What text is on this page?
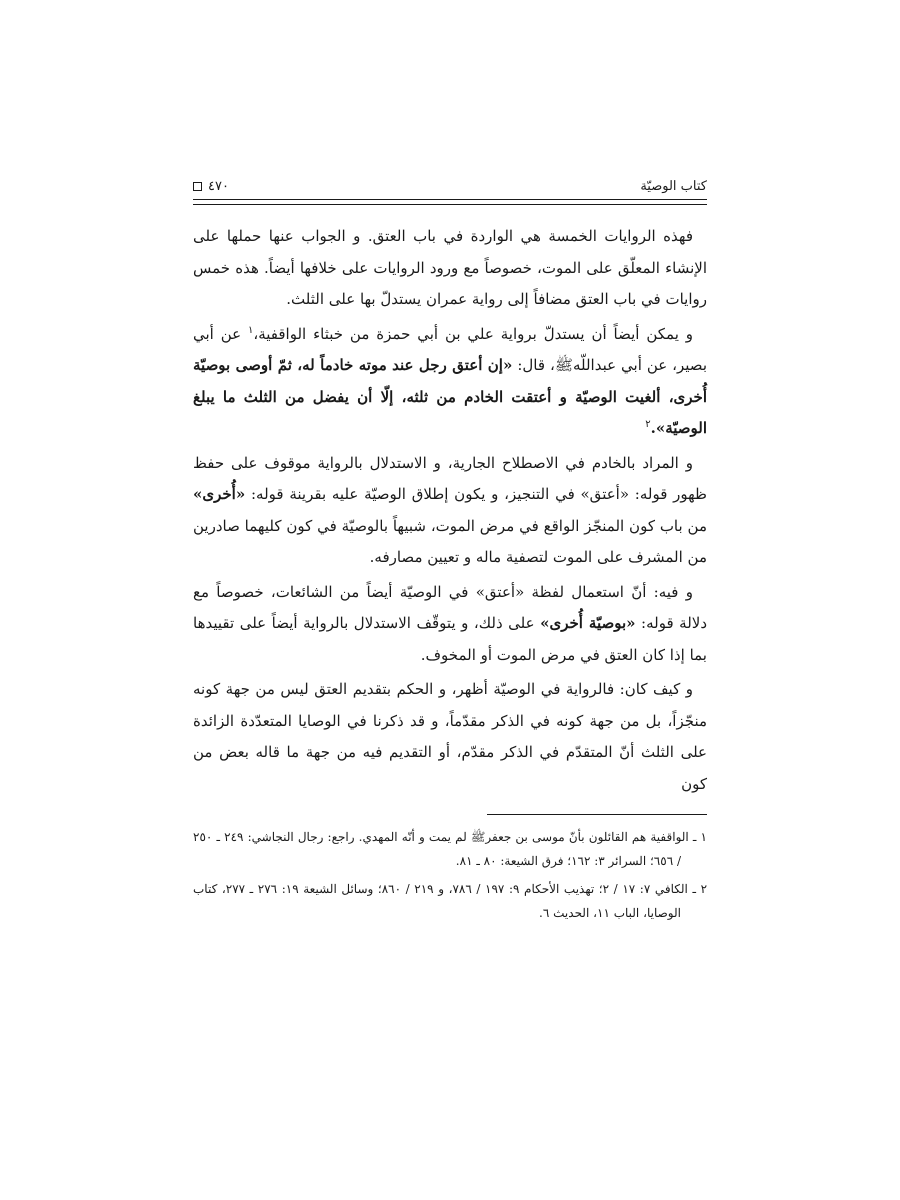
كتاب الوصيّة
٤٧٠

فهذه الروايات الخمسة هي الواردة في باب العتق. و الجواب عنها حملها على الإنشاء المعلّق على الموت، خصوصاً مع ورود الروايات على خلافها أيضاً. هذه خمس روايات في باب العتق مضافاً إلى رواية عمران يستدلّ بها على الثلث.

و يمكن أيضاً أن يستدلّ برواية علي بن أبي حمزة من خبثاء الواقفية،$^١$ عن أبي بصير، عن أبي عبداللّهﷺ، قال: «إن أعتق رجل عند موته خادماً له، ثمّ أوصى بوصيّة أُخرى، ألغيت الوصيّة و أعتقت الخادم من ثلثه، إلّا أن يفضل من الثلث ما يبلغ الوصيّة».$^٢$

و المراد بالخادم في الاصطلاح الجارية، و الاستدلال بالرواية موقوف على حفظ ظهور قوله: «أعتق» في التنجيز، و يكون إطلاق الوصيّة عليه بقرينة قوله: «أُخرى» من باب كون المنجّز الواقع في مرض الموت، شبيهاً بالوصيّة في كون كليهما صادرين من المشرف على الموت لتصفية ماله و تعيين مصارفه.

و فيه: أنّ استعمال لفظة «أعتق» في الوصيّة أيضاً من الشائعات، خصوصاً مع دلالة قوله: «بوصيّة أُخرى» على ذلك، و يتوقّف الاستدلال بالرواية أيضاً على تقييدها بما إذا كان العتق في مرض الموت أو المخوف.

و كيف كان: فالرواية في الوصيّة أظهر، و الحكم بتقديم العتق ليس من جهة كونه منجّزاً، بل من جهة كونه في الذكر مقدّماً، و قد ذكرنا في الوصايا المتعدّدة الزائدة على الثلث أنّ المتقدّم في الذكر مقدّم، أو التقديم فيه من جهة ما قاله بعض من كون

١ ـ الواقفية هم القائلون بأنّ موسى بن جعفرﷺ لم يمت و أنّه المهدي. راجع: رجال النجاشي: ٢٤٩ ـ ٢٥٠ / ٦٥٦؛ السرائر ٣: ١٦٢؛ فرق الشيعة: ٨٠ ـ ٨١.

٢ ـ الكافي ٧: ١٧ / ٢؛ تهذيب الأحكام ٩: ١٩٧ / ٧٨٦، و ٢١٩ / ٨٦٠؛ وسائل الشيعة ١٩: ٢٧٦ ـ ٢٧٧، كتاب الوصايا، الباب ١١، الحديث ٦.
